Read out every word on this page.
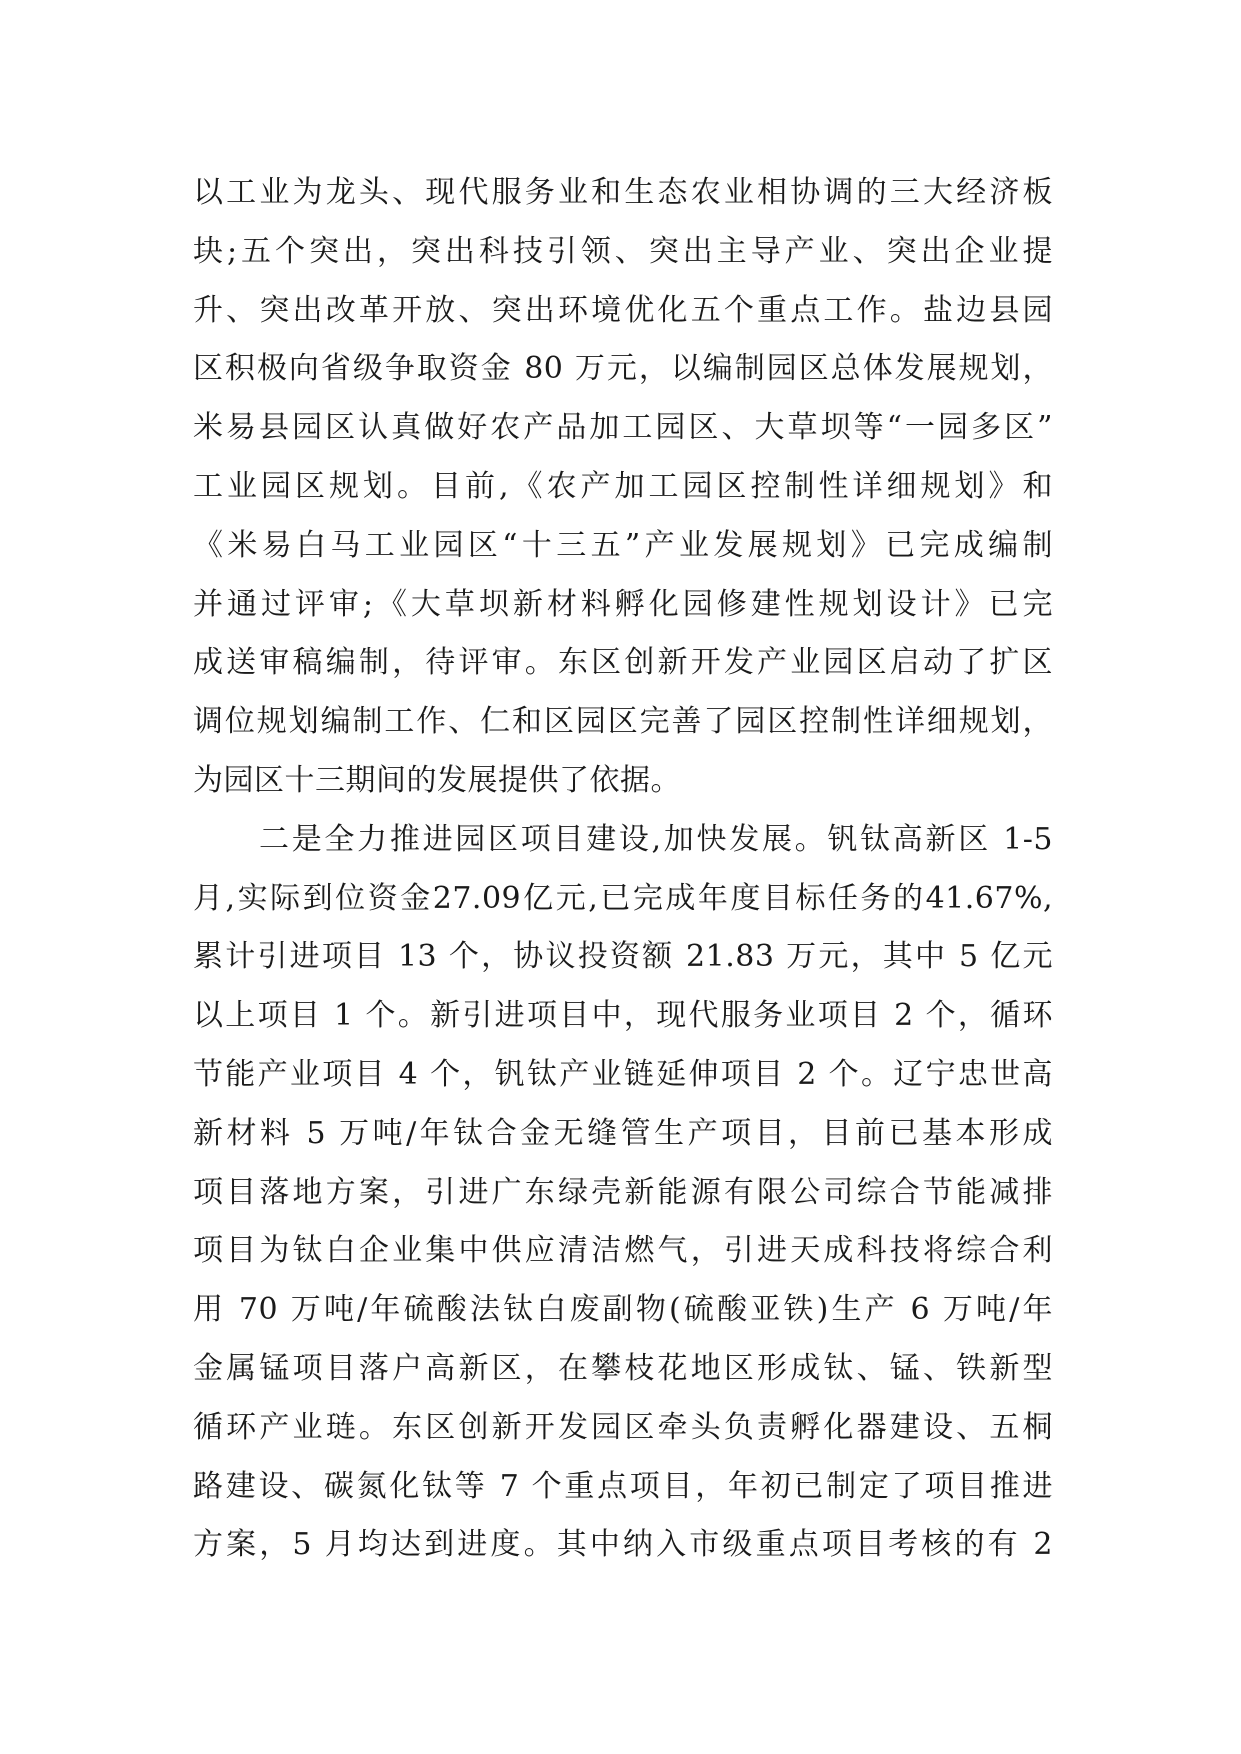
以工业为龙头、现代服务业和生态农业相协调的三大经济板
块;五个突出，突出科技引领、突出主导产业、突出企业提
升、突出改革开放、突出环境优化五个重点工作。盐边县园
区积极向省级争取资金 80 万元，以编制园区总体发展规划，
米易县园区认真做好农产品加工园区、大草坝等“一园多区”
工业园区规划。目前,《农产加工园区控制性详细规划》和
《米易白马工业园区“十三五”产业发展规划》已完成编制
并通过评审;《大草坝新材料孵化园修建性规划设计》已完
成送审稿编制，待评审。东区创新开发产业园区启动了扩区
调位规划编制工作、仁和区园区完善了园区控制性详细规划，
为园区十三期间的发展提供了依据。
二是全力推进园区项目建设,加快发展。钒钛高新区 1-5
月,实际到位资金27.09亿元,已完成年度目标任务的41.67%,
累计引进项目 13 个，协议投资额 21.83 万元，其中 5 亿元
以上项目 1 个。新引进项目中，现代服务业项目 2 个，循环
节能产业项目 4 个，钒钛产业链延伸项目 2 个。辽宁忠世高
新材料 5 万吨/年钛合金无缝管生产项目，目前已基本形成
项目落地方案，引进广东绿壳新能源有限公司综合节能减排
项目为钛白企业集中供应清洁燃气，引进天成科技将综合利
用 70 万吨/年硫酸法钛白废副物(硫酸亚铁)生产 6 万吨/年
金属锰项目落户高新区，在攀枝花地区形成钛、锰、铁新型
循环产业琏。东区创新开发园区牵头负责孵化器建设、五桐
路建设、碳氮化钛等 7 个重点项目，年初已制定了项目推进
方案，5 月均达到进度。其中纳入市级重点项目考核的有 2
